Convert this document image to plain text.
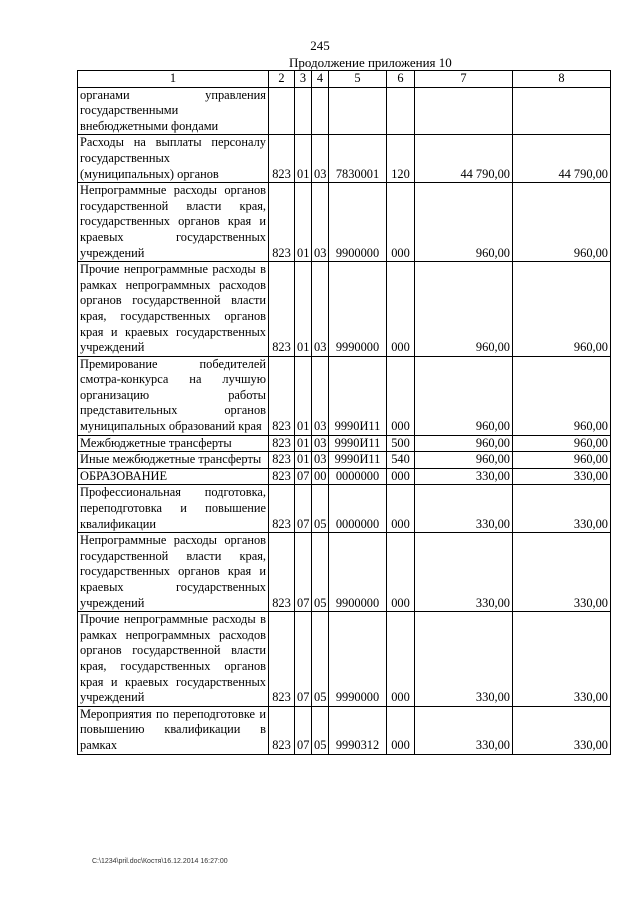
245
Продолжение приложения 10
1	2	3	4	5	6	7	8
органами управления государственными внебюджетными фондами							
Расходы на выплаты персоналу государственных (муниципальных) органов	823	01	03	7830001	120	44 790,00	44 790,00
Непрограммные расходы органов государственной власти края, государственных органов края и краевых государственных учреждений	823	01	03	9900000	000	960,00	960,00
Прочие непрограммные расходы в рамках непрограммных расходов органов государственной власти края, государственных органов края и краевых государственных учреждений	823	01	03	9990000	000	960,00	960,00
Премирование победителей смотра-конкурса на лучшую организацию работы представительных органов муниципальных образований края	823	01	03	9990И11	000	960,00	960,00
Межбюджетные трансферты	823	01	03	9990И11	500	960,00	960,00
Иные межбюджетные трансферты	823	01	03	9990И11	540	960,00	960,00
ОБРАЗОВАНИЕ	823	07	00	0000000	000	330,00	330,00
Профессиональная подготовка, переподготовка и повышение квалификации	823	07	05	0000000	000	330,00	330,00
Непрограммные расходы органов государственной власти края, государственных органов края и краевых государственных учреждений	823	07	05	9900000	000	330,00	330,00
Прочие непрограммные расходы в рамках непрограммных расходов органов государственной власти края, государственных органов края и краевых государственных учреждений	823	07	05	9990000	000	330,00	330,00
Мероприятия по переподготовке и повышению квалификации в рамках	823	07	05	9990312	000	330,00	330,00
C:\1234\pril.doc\Костя\16.12.2014 16:27:00
